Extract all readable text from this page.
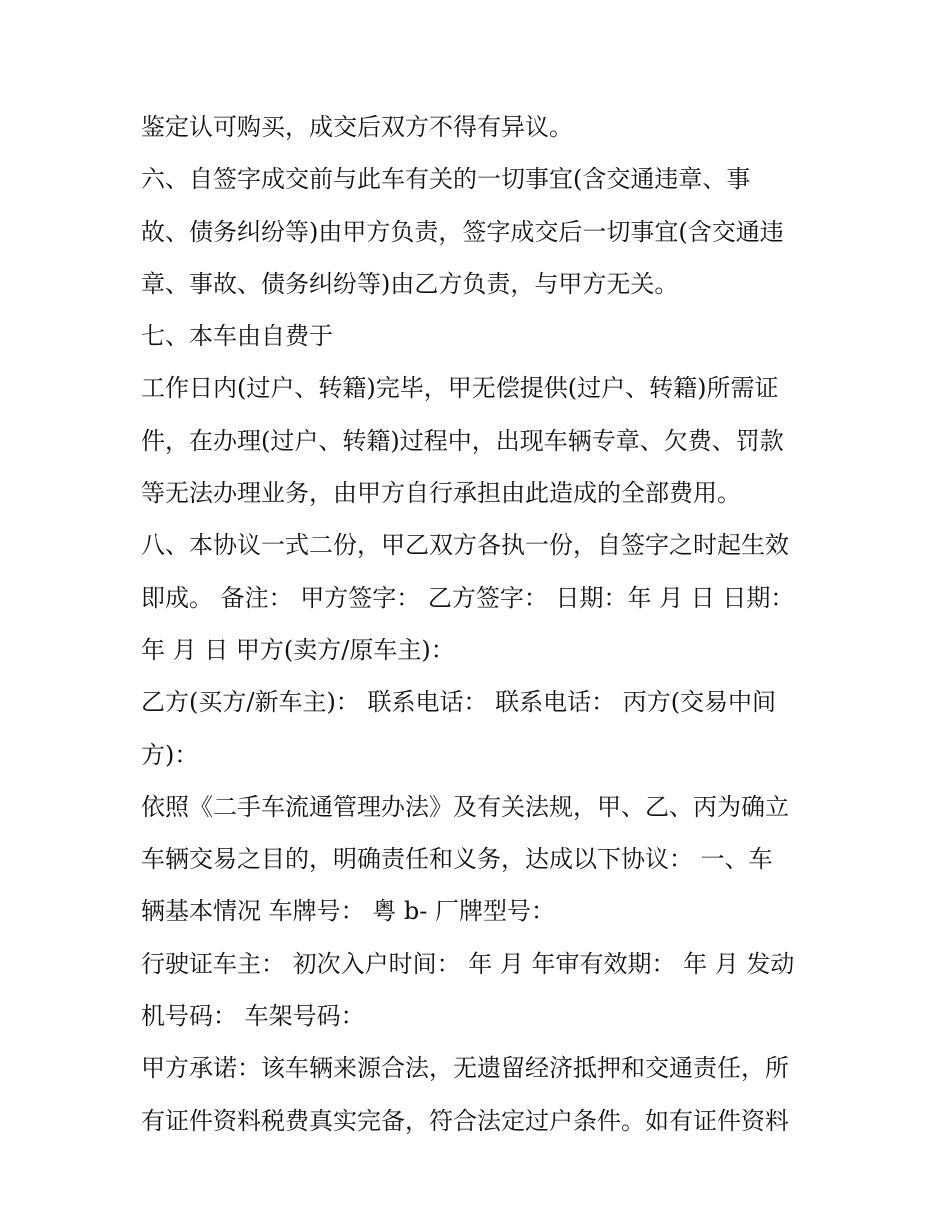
鉴定认可购买，成交后双方不得有异议。
六、自签字成交前与此车有关的一切事宜(含交通违章、事
故、债务纠纷等)由甲方负责，签字成交后一切事宜(含交通违
章、事故、债务纠纷等)由乙方负责，与甲方无关。
七、本车由自费于
工作日内(过户、转籍)完毕，甲无偿提供(过户、转籍)所需证
件，在办理(过户、转籍)过程中，出现车辆专章、欠费、罚款
等无法办理业务，由甲方自行承担由此造成的全部费用。
八、本协议一式二份，甲乙双方各执一份，自签字之时起生效
即成。 备注： 甲方签字： 乙方签字： 日期：年 月 日 日期：
年 月 日 甲方(卖方/原车主)：
乙方(买方/新车主)： 联系电话： 联系电话： 丙方(交易中间
方)：
依照《二手车流通管理办法》及有关法规，甲、乙、丙为确立
车辆交易之目的，明确责任和义务，达成以下协议： 一、车
辆基本情况 车牌号： 粤 b- 厂牌型号：
行驶证车主： 初次入户时间： 年 月 年审有效期： 年 月 发动
机号码： 车架号码：
甲方承诺：该车辆来源合法，无遗留经济抵押和交通责任，所
有证件资料税费真实完备，符合法定过户条件。如有证件资料
